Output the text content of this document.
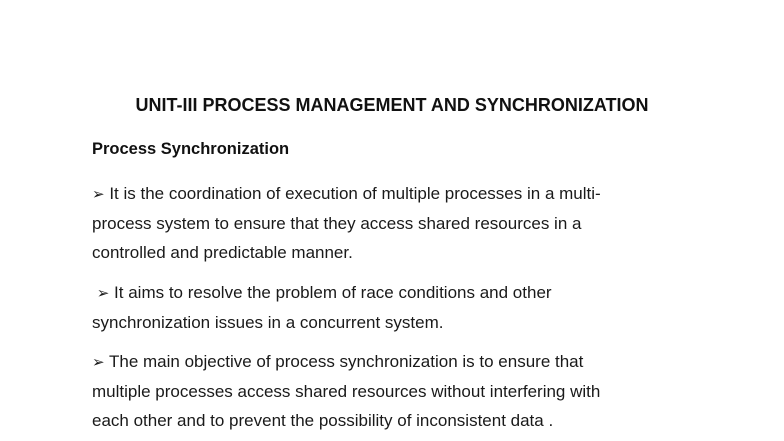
UNIT-III PROCESS MANAGEMENT AND SYNCHRONIZATION
Process Synchronization
➢ It is the coordination of execution of multiple processes in a multi-
process system to ensure that they access shared resources in a
controlled and predictable manner.
➢ It aims to resolve the problem of race conditions and other
synchronization issues in a concurrent system.
➢ The main objective of process synchronization is to ensure that
multiple processes access shared resources without interfering with
each other and to prevent the possibility of inconsistent data .
